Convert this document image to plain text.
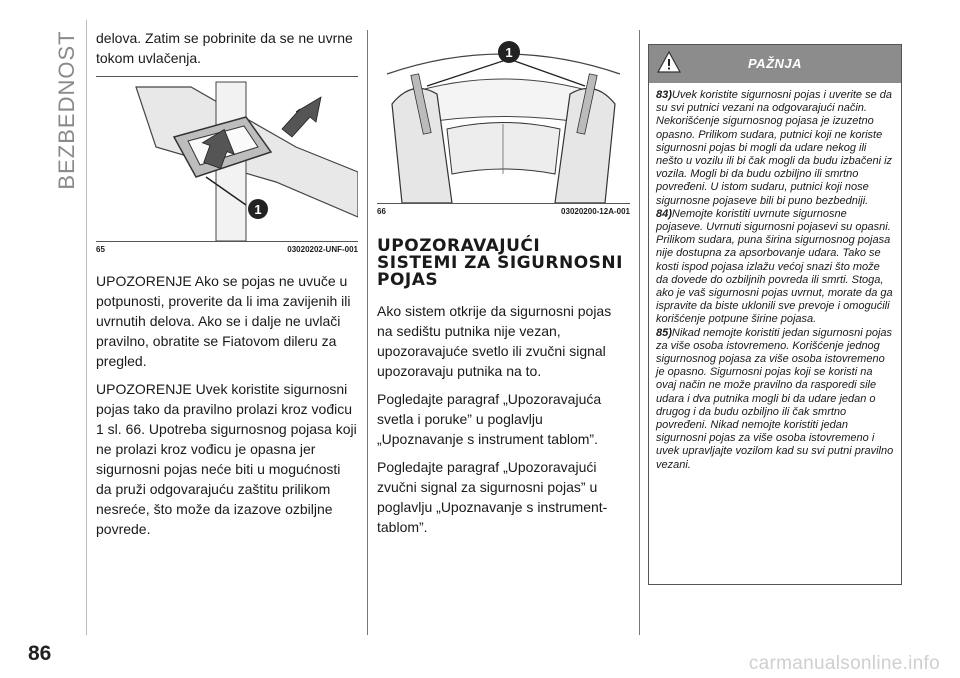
BEZBEDNOST
86

delova. Zatim se pobrinite da se ne uvrne tokom uvlačenja.

1
65	03020202-UNF-001

UPOZORENJE Ako se pojas ne uvuče u potpunosti, proverite da li ima zavijenih ili uvrnutih delova. Ako se i dalje ne uvlači pravilno, obratite se Fiatovom dileru za pregled.

UPOZORENJE Uvek koristite sigurnosni pojas tako da pravilno prolazi kroz vođicu 1 sl. 66. Upotreba sigurnosnog pojasa koji ne prolazi kroz vođicu je opasna jer sigurnosni pojas neće biti u mogućnosti da pruži odgovarajuću zaštitu prilikom nesreće, što može da izazove ozbiljne povrede.

1
66	03020200-12A-001

UPOZORAVAJUĆI

SISTEMI ZA SIGURNOSNI

POJAS

Ako sistem otkrije da sigurnosni pojas na sedištu putnika nije vezan, upozoravajuće svetlo ili zvučni signal upozoravaju putnika na to.

Pogledajte paragraf „Upozoravajuća svetla i poruke” u poglavlju „Upoznavanje s instrument tablom”.

Pogledajte paragraf „Upozoravajući zvučni signal za sigurnosni pojas” u poglavlju „Upoznavanje s instrument-tablom”.

PAŽNJA

83)Uvek koristite sigurnosni pojas i uverite se da su svi putnici vezani na odgovarajući način. Nekorišćenje sigurnosnog pojasa je izuzetno opasno. Prilikom sudara, putnici koji ne koriste sigurnosni pojas bi mogli da udare nekog ili nešto u vozilu ili bi čak mogli da budu izbačeni iz vozila. Mogli bi da budu ozbiljno ili smrtno povređeni. U istom sudaru, putnici koji nose sigurnosne pojaseve bili bi puno bezbedniji.

84)Nemojte koristiti uvrnute sigurnosne pojaseve. Uvrnuti sigurnosni pojasevi su opasni. Prilikom sudara, puna širina sigurnosnog pojasa nije dostupna za apsorbovanje udara. Tako se kosti ispod pojasa izlažu većoj snazi što može da dovede do ozbiljnih povreda ili smrti. Stoga, ako je vaš sigurnosni pojas uvrnut, morate da ga ispravite da biste uklonili sve prevoje i omogućili korišćenje potpune širine pojasa.

85)Nikad nemojte koristiti jedan sigurnosni pojas za više osoba istovremeno. Korišćenje jednog sigurnosnog pojasa za više osoba istovremeno je opasno. Sigurnosni pojas koji se koristi na ovaj način ne može pravilno da rasporedi sile udara i dva putnika mogli bi da udare jedan o drugog i da budu ozbiljno ili čak smrtno povređeni. Nikad nemojte koristiti jedan sigurnosni pojas za više osoba istovremeno i uvek upravljajte vozilom kad su svi putni pravilno vezani.

carmanualsonline.info
